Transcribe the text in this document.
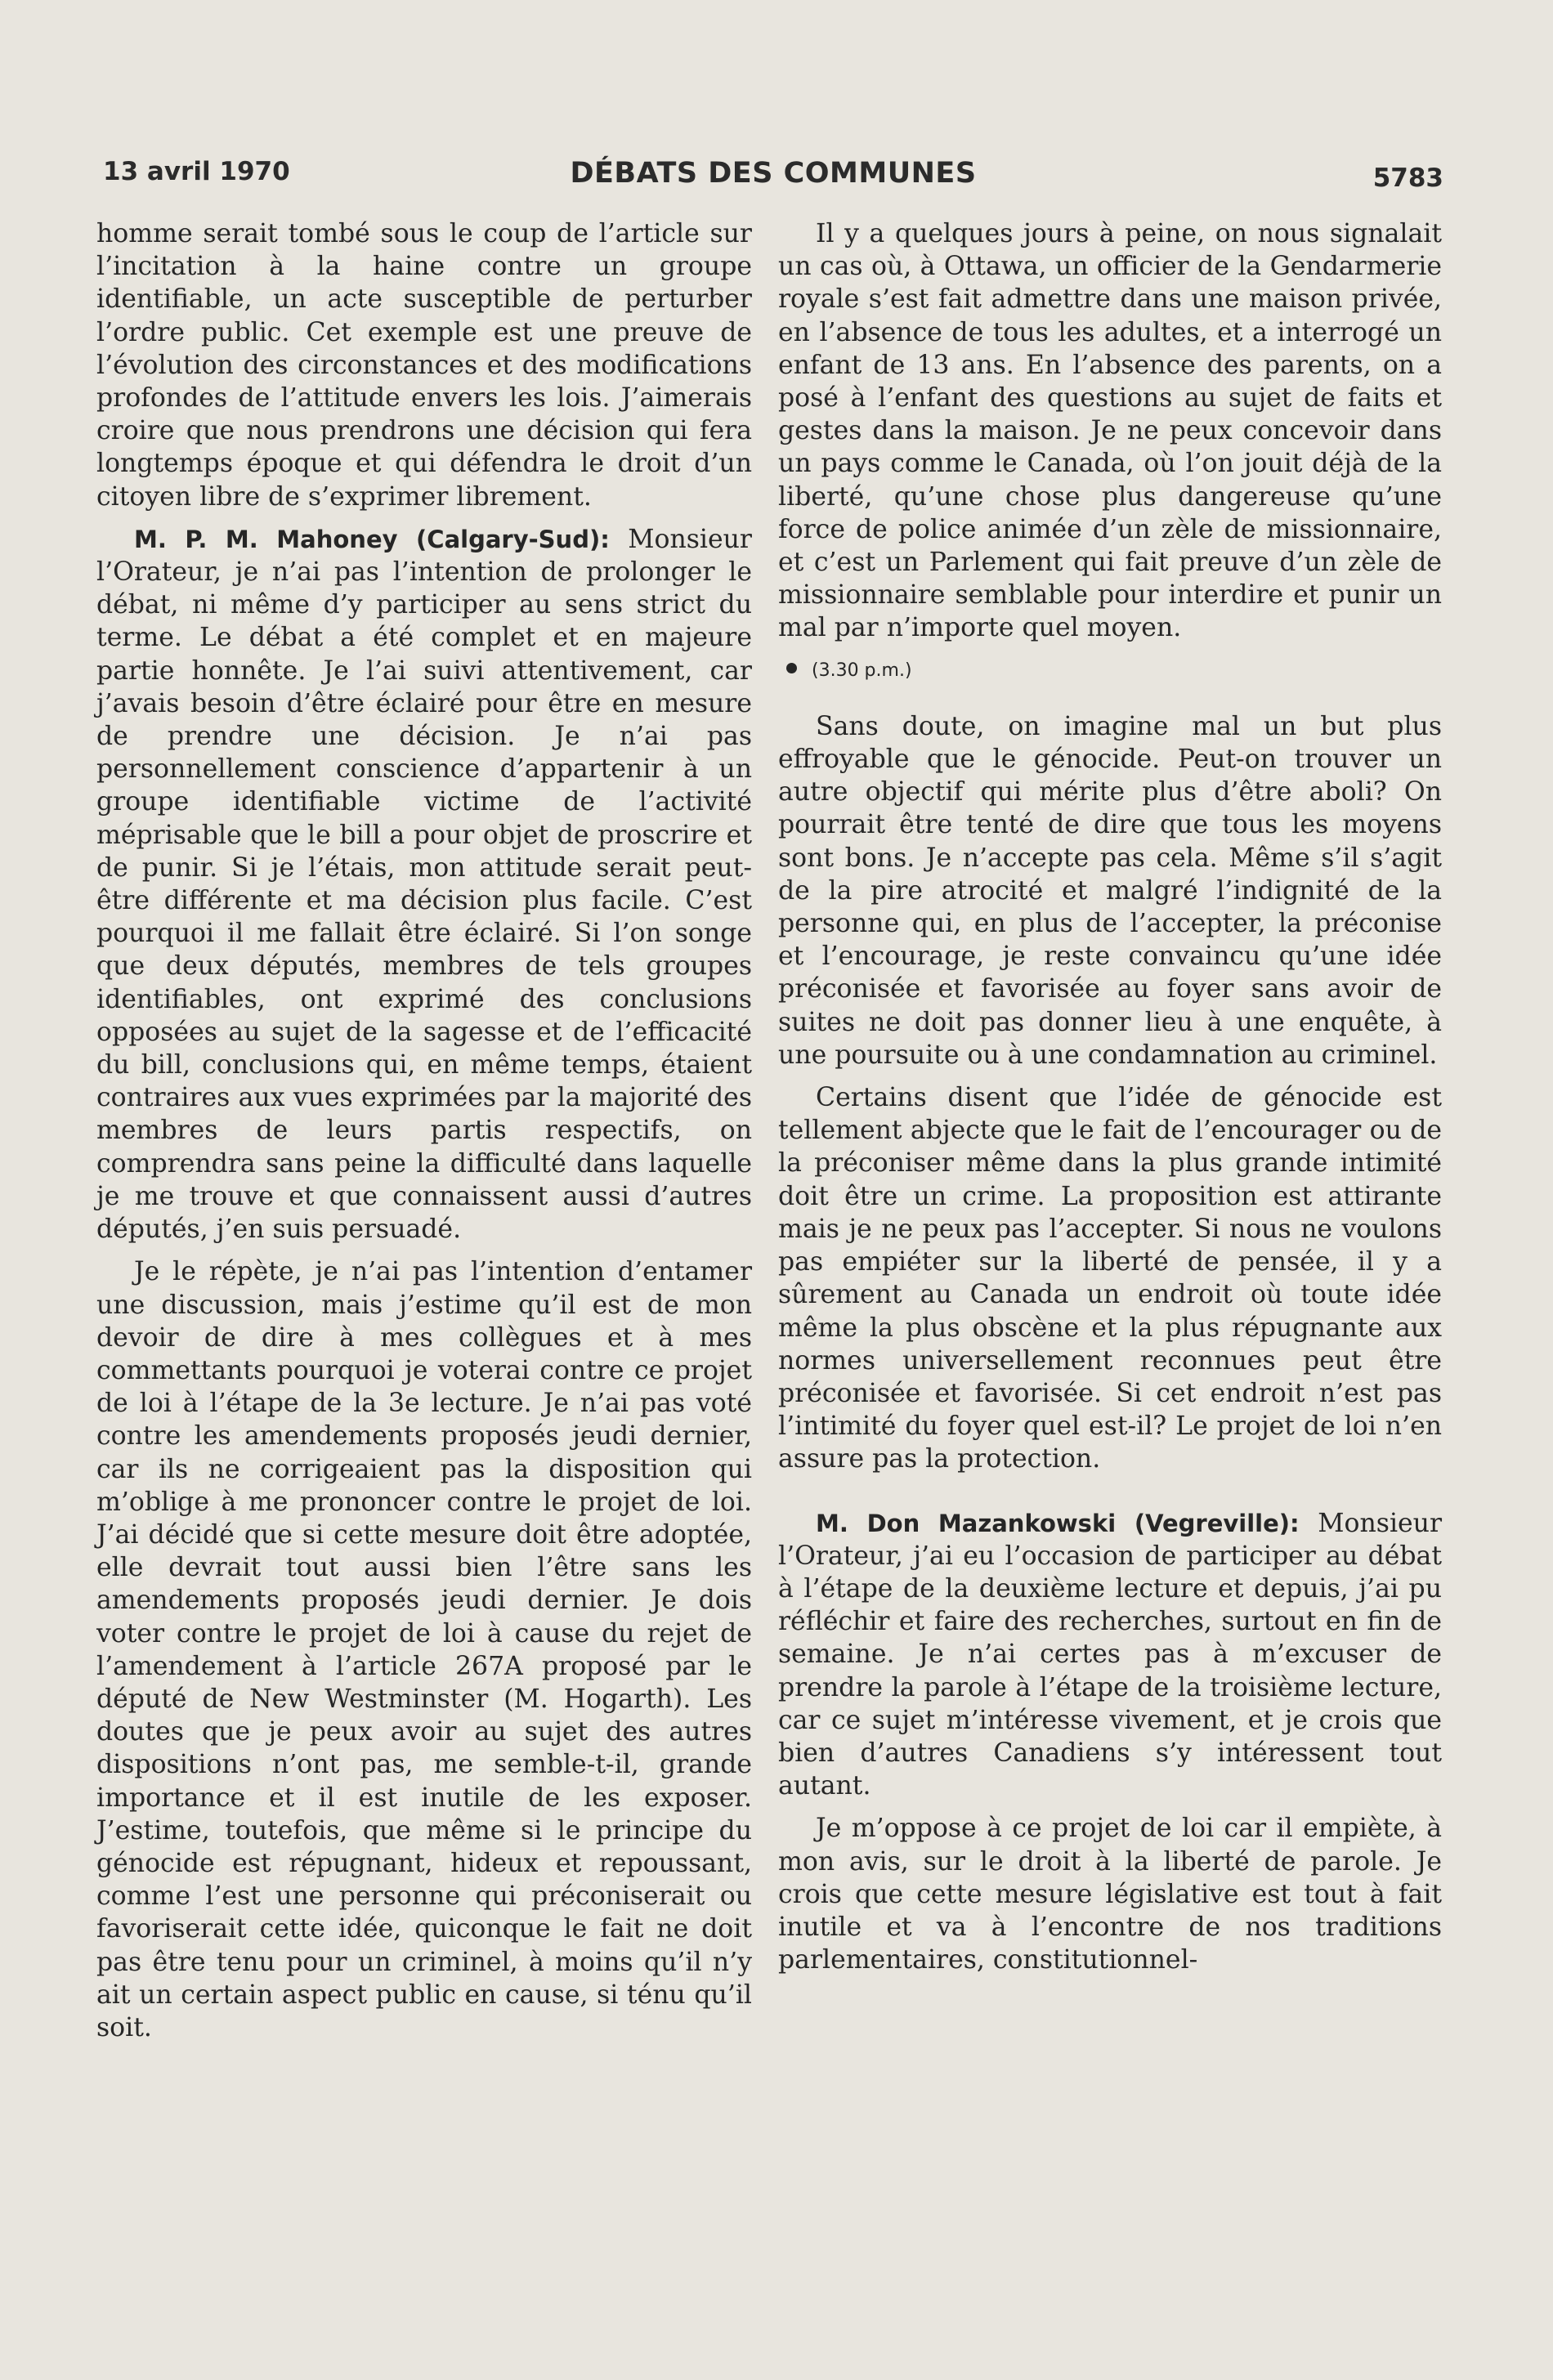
13 avril 1970	DÉBATS DES COMMUNES	5783

homme serait tombé sous le coup de l’article sur l’incitation à la haine contre un groupe identifiable, un acte susceptible de perturber l’ordre public. Cet exemple est une preuve de l’évolution des circonstances et des modifications profondes de l’attitude envers les lois. J’aimerais croire que nous prendrons une décision qui fera longtemps époque et qui défendra le droit d’un citoyen libre de s’exprimer librement.

M. P. M. Mahoney (Calgary-Sud): Monsieur l’Orateur, je n’ai pas l’intention de prolonger le débat, ni même d’y participer au sens strict du terme. Le débat a été complet et en majeure partie honnête. Je l’ai suivi attentivement, car j’avais besoin d’être éclairé pour être en mesure de prendre une décision. Je n’ai pas personnellement conscience d’appartenir à un groupe identifiable victime de l’activité méprisable que le bill a pour objet de proscrire et de punir. Si je l’étais, mon attitude serait peut-être différente et ma décision plus facile. C’est pourquoi il me fallait être éclairé. Si l’on songe que deux députés, membres de tels groupes identifiables, ont exprimé des conclusions opposées au sujet de la sagesse et de l’efficacité du bill, conclusions qui, en même temps, étaient contraires aux vues exprimées par la majorité des membres de leurs partis respectifs, on comprendra sans peine la difficulté dans laquelle je me trouve et que connaissent aussi d’autres députés, j’en suis persuadé.

Je le répète, je n’ai pas l’intention d’entamer une discussion, mais j’estime qu’il est de mon devoir de dire à mes collègues et à mes commettants pourquoi je voterai contre ce projet de loi à l’étape de la 3e lecture. Je n’ai pas voté contre les amendements proposés jeudi dernier, car ils ne corrigeaient pas la disposition qui m’oblige à me prononcer contre le projet de loi. J’ai décidé que si cette mesure doit être adoptée, elle devrait tout aussi bien l’être sans les amendements proposés jeudi dernier. Je dois voter contre le projet de loi à cause du rejet de l’amendement à l’article 267A proposé par le député de New Westminster (M. Hogarth). Les doutes que je peux avoir au sujet des autres dispositions n’ont pas, me semble-t-il, grande importance et il est inutile de les exposer. J’estime, toutefois, que même si le principe du génocide est répugnant, hideux et repoussant, comme l’est une personne qui préconiserait ou favoriserait cette idée, quiconque le fait ne doit pas être tenu pour un criminel, à moins qu’il n’y ait un certain aspect public en cause, si ténu qu’il soit.

Il y a quelques jours à peine, on nous signalait un cas où, à Ottawa, un officier de la Gendarmerie royale s’est fait admettre dans une maison privée, en l’absence de tous les adultes, et a interrogé un enfant de 13 ans. En l’absence des parents, on a posé à l’enfant des questions au sujet de faits et gestes dans la maison. Je ne peux concevoir dans un pays comme le Canada, où l’on jouit déjà de la liberté, qu’une chose plus dangereuse qu’une force de police animée d’un zèle de missionnaire, et c’est un Parlement qui fait preuve d’un zèle de missionnaire semblable pour interdire et punir un mal par n’importe quel moyen.

(3.30 p.m.)

Sans doute, on imagine mal un but plus effroyable que le génocide. Peut-on trouver un autre objectif qui mérite plus d’être aboli? On pourrait être tenté de dire que tous les moyens sont bons. Je n’accepte pas cela. Même s’il s’agit de la pire atrocité et malgré l’indignité de la personne qui, en plus de l’accepter, la préconise et l’encourage, je reste convaincu qu’une idée préconisée et favorisée au foyer sans avoir de suites ne doit pas donner lieu à une enquête, à une poursuite ou à une condamnation au criminel.

Certains disent que l’idée de génocide est tellement abjecte que le fait de l’encourager ou de la préconiser même dans la plus grande intimité doit être un crime. La proposition est attirante mais je ne peux pas l’accepter. Si nous ne voulons pas empiéter sur la liberté de pensée, il y a sûrement au Canada un endroit où toute idée même la plus obscène et la plus répugnante aux normes universellement reconnues peut être préconisée et favorisée. Si cet endroit n’est pas l’intimité du foyer quel est-il? Le projet de loi n’en assure pas la protection.

M. Don Mazankowski (Vegreville): Monsieur l’Orateur, j’ai eu l’occasion de participer au débat à l’étape de la deuxième lecture et depuis, j’ai pu réfléchir et faire des recherches, surtout en fin de semaine. Je n’ai certes pas à m’excuser de prendre la parole à l’étape de la troisième lecture, car ce sujet m’intéresse vivement, et je crois que bien d’autres Canadiens s’y intéressent tout autant.

Je m’oppose à ce projet de loi car il empiète, à mon avis, sur le droit à la liberté de parole. Je crois que cette mesure législative est tout à fait inutile et va à l’encontre de nos traditions parlementaires, constitutionnel-
